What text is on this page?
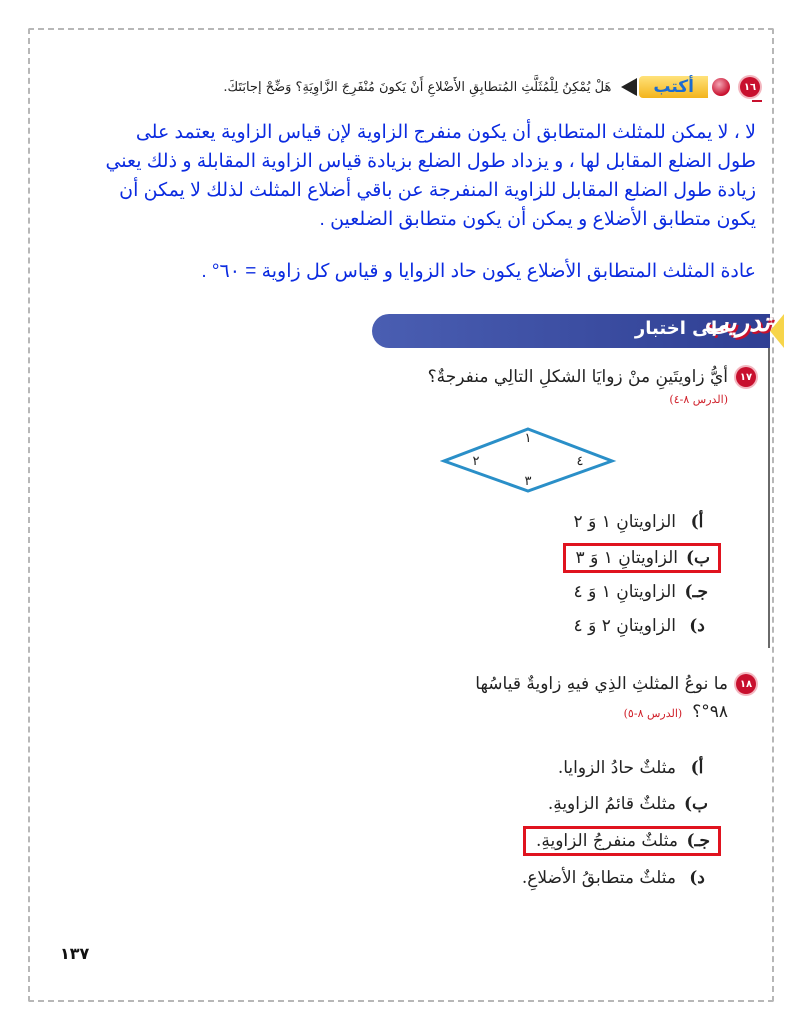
١٦
أكتب
هَلْ يُمْكِنُ لِلْمُثَلَّثِ المُتطابِقِ الأَضْلاعِ أَنْ يَكونَ مُنْفَرِجَ الزَّاوِيَةِ؟ وَضِّحْ إجابَتَكَ.

لا ، لا يمكن للمثلث المتطابق أن يكون منفرج الزاوية لإن قياس الزاوية يعتمد على

طول الضلع المقابل لها ، و يزداد طول الضلع بزيادة قياس الزاوية المقابلة و ذلك يعني

زيادة طول الضلع المقابل للزاوية المنفرجة عن باقي أضلاع المثلث لذلك لا يمكن أن

يكون متطابق الأضلاع و يمكن أن يكون متطابق الضلعين .

عادة المثلث المتطابق الأضلاع يكون حاد الزوايا و قياس كل زاوية = ٦٠° .
تدريب
على اختبار
١٧
أيُّ زاويتَينِ منْ زوايَا الشكلِ التالِي منفرجةٌ؟
(الدرس ٨-٤)
١
٢
٣
٤
أ)
الزاويتانِ ١ وَ ٢
ب)
الزاويتانِ ١ وَ ٣
جـ)
الزاويتانِ ١ وَ ٤
د)
الزاويتانِ ٢ وَ ٤
١٨
ما نوعُ المثلثِ الذِي فيهِ زاويةٌ قياسُها
٩٨°؟
(الدرس ٨-٥)
أ)
مثلثٌ حادُ الزوايا.
ب)
مثلثٌ قائمُ الزاويةِ.
جـ)
مثلثٌ منفرجُ الزاويةِ.
د)
مثلثٌ متطابقُ الأضلاعِ.
١٣٧
